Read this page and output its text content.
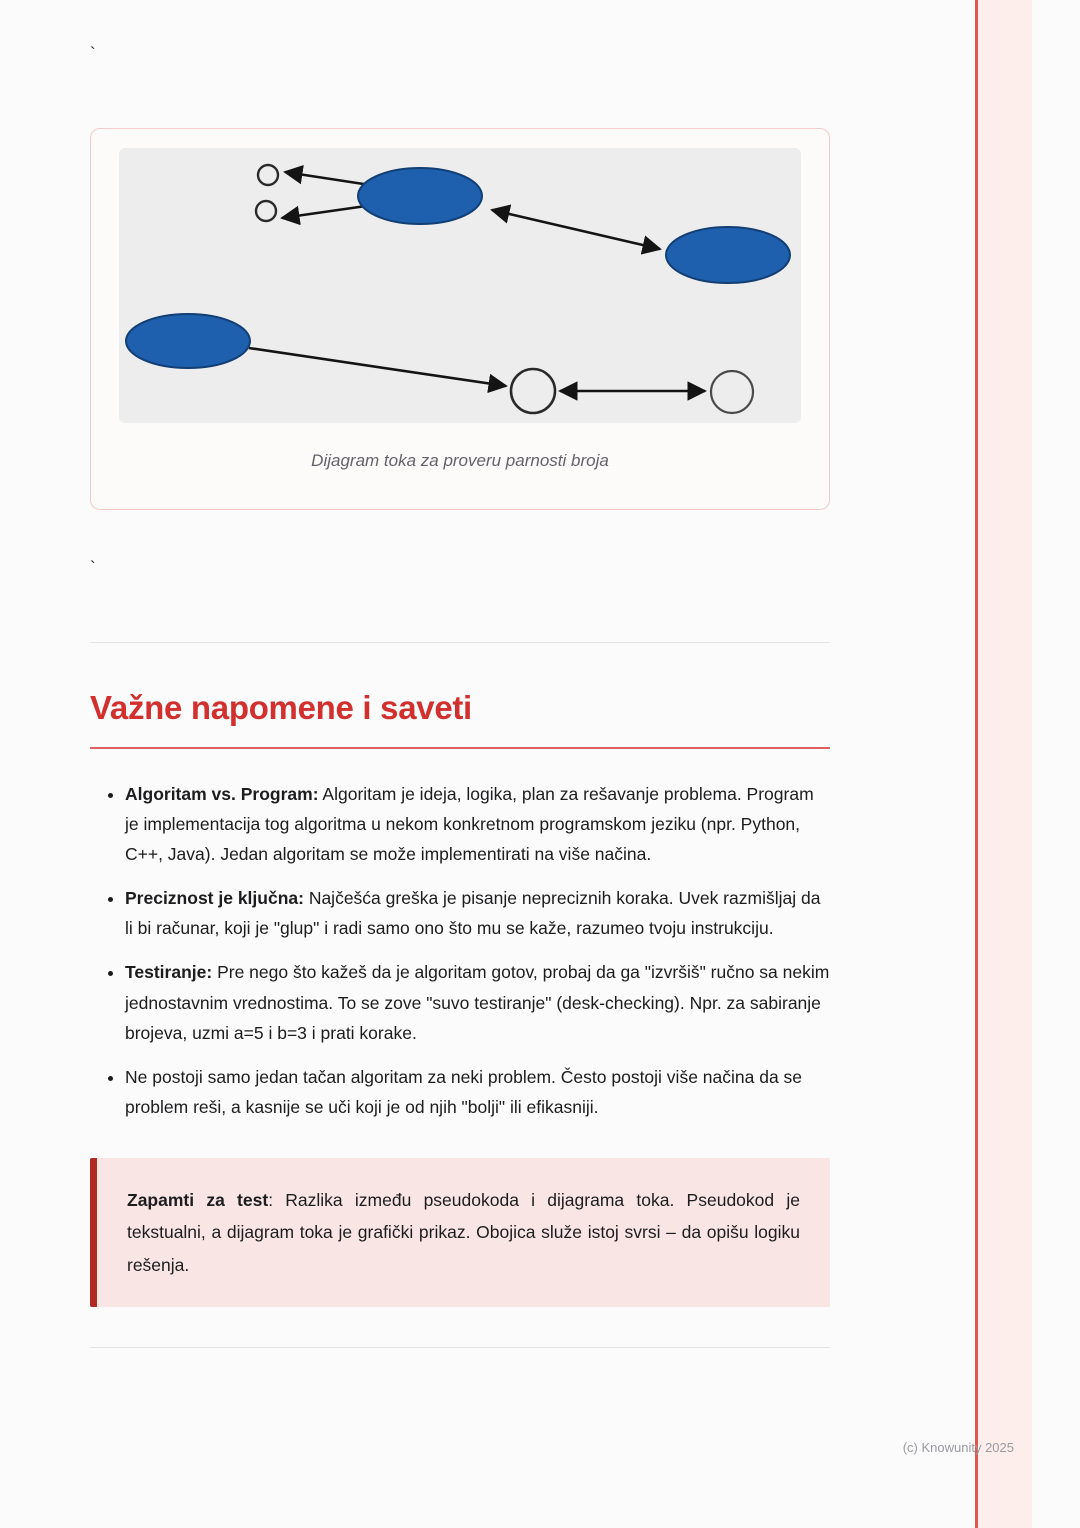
`
Dijagram toka za proveru parnosti broja
`
Važne napomene i saveti
• Algoritam vs. Program: Algoritam je ideja, logika, plan za rešavanje problema. Program je implementacija tog algoritma u nekom konkretnom programskom jeziku (npr. Python, C++, Java). Jedan algoritam se može implementirati na više načina.
• Preciznost je ključna: Najčešća greška je pisanje nepreciznih koraka. Uvek razmišljaj da li bi računar, koji je "glup" i radi samo ono što mu se kaže, razumeo tvoju instrukciju.
• Testiranje: Pre nego što kažeš da je algoritam gotov, probaj da ga "izvršiš" ručno sa nekim jednostavnim vrednostima. To se zove "suvo testiranje" (desk-checking). Npr. za sabiranje brojeva, uzmi a=5 i b=3 i prati korake.
• Ne postoji samo jedan tačan algoritam za neki problem. Često postoji više načina da se problem reši, a kasnije se uči koji je od njih "bolji" ili efikasniji.

Zapamti za test: Razlika između pseudokoda i dijagrama toka. Pseudokod je tekstualni, a dijagram toka je grafički prikaz. Obojica služe istoj svrsi – da opišu logiku rešenja.

(c) Knowunity 2025
